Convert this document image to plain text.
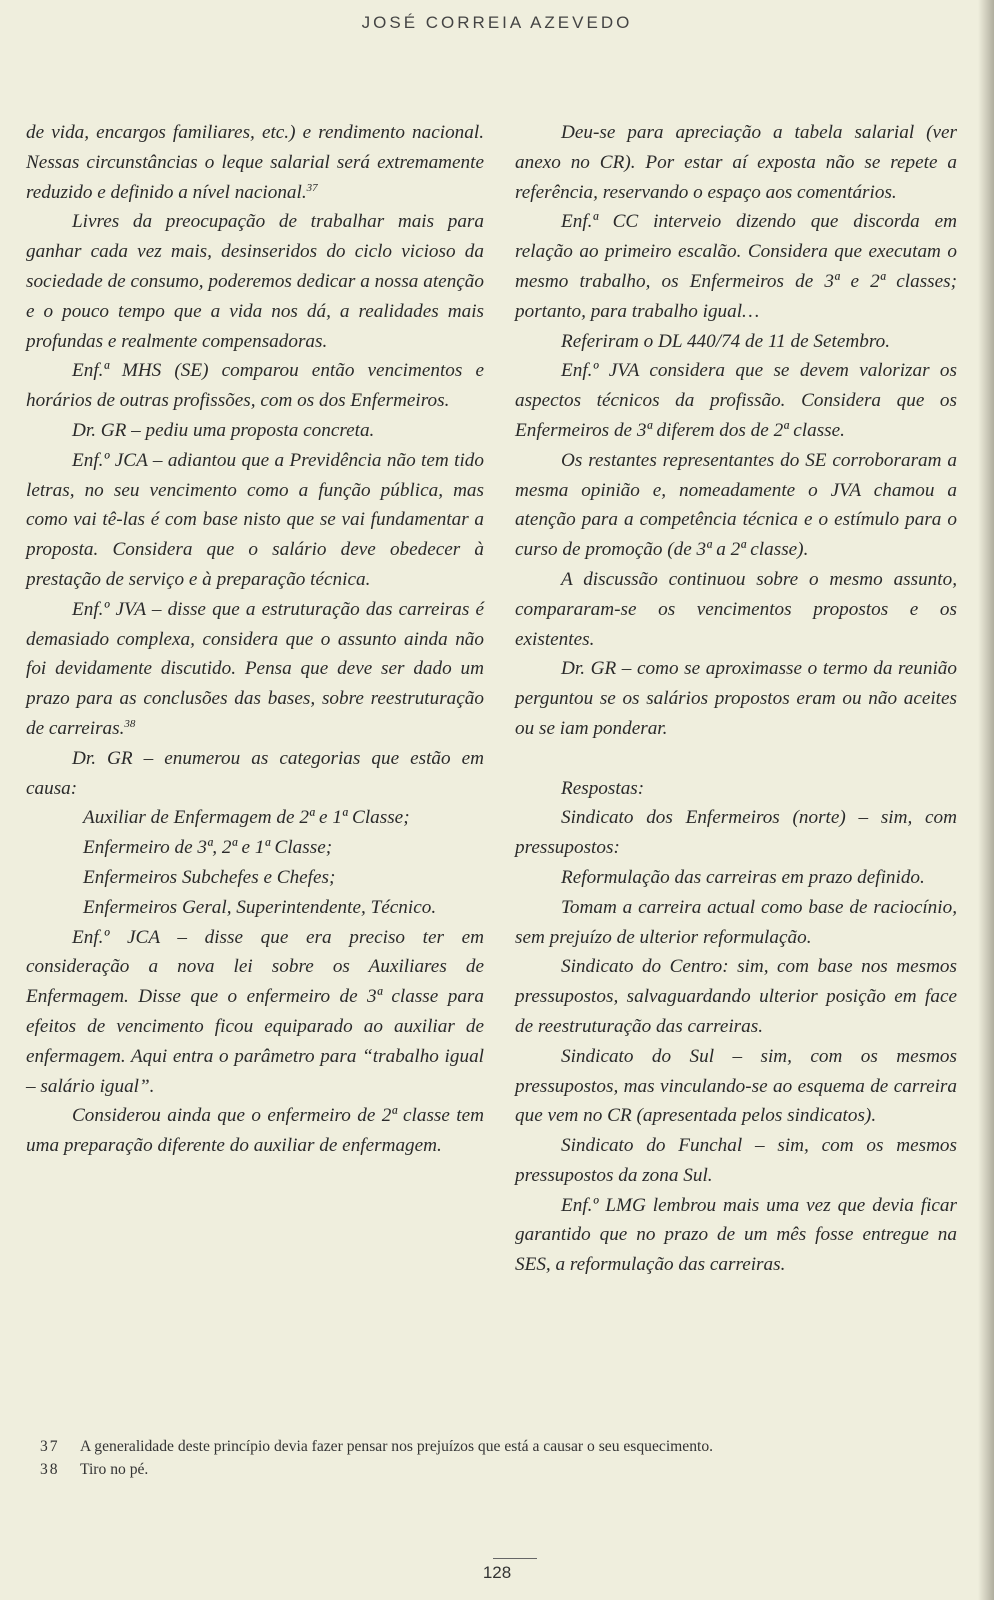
JOSÉ CORREIA AZEVEDO

de vida, encargos familiares, etc.) e rendimento nacional. Nessas circunstâncias o leque salarial será extremamente reduzido e definido a nível nacional.$^{37}$

Livres da preocupação de trabalhar mais para ganhar cada vez mais, desinseridos do ciclo vicioso da sociedade de consumo, poderemos dedicar a nossa atenção e o pouco tempo que a vida nos dá, a realidades mais profundas e realmente compensadoras.

Enf.ª MHS (SE) comparou então vencimentos e horários de outras profissões, com os dos Enfermeiros.

Dr. GR – pediu uma proposta concreta.

Enf.º JCA – adiantou que a Previdência não tem tido letras, no seu vencimento como a função pública, mas como vai tê-las é com base nisto que se vai fundamentar a proposta. Considera que o salário deve obedecer à prestação de serviço e à preparação técnica.

Enf.º JVA – disse que a estruturação das carreiras é demasiado complexa, considera que o assunto ainda não foi devidamente discutido. Pensa que deve ser dado um prazo para as conclusões das bases, sobre reestruturação de carreiras.$^{38}$

Dr. GR – enumerou as categorias que estão em causa:

Auxiliar de Enfermagem de 2ª e 1ª Classe;

Enfermeiro de 3ª, 2ª e 1ª Classe;

Enfermeiros Subchefes e Chefes;

Enfermeiros Geral, Superintendente, Técnico.

Enf.º JCA – disse que era preciso ter em consideração a nova lei sobre os Auxiliares de Enfermagem. Disse que o enfermeiro de 3ª classe para efeitos de vencimento ficou equiparado ao auxiliar de enfermagem. Aqui entra o parâmetro para “trabalho igual – salário igual”.

Considerou ainda que o enfermeiro de 2ª classe tem uma preparação diferente do auxiliar de enfermagem.

Deu-se para apreciação a tabela salarial (ver anexo no CR). Por estar aí exposta não se repete a referência, reservando o espaço aos comentários.

Enf.ª CC interveio dizendo que discorda em relação ao primeiro escalão. Considera que executam o mesmo trabalho, os Enfermeiros de 3ª e 2ª classes; portanto, para trabalho igual…

Referiram o DL 440/74 de 11 de Setembro.

Enf.º JVA considera que se devem valorizar os aspectos técnicos da profissão. Considera que os Enfermeiros de 3ª diferem dos de 2ª classe.

Os restantes representantes do SE corroboraram a mesma opinião e, nomeadamente o JVA chamou a atenção para a competência técnica e o estímulo para o curso de promoção (de 3ª a 2ª classe).

A discussão continuou sobre o mesmo assunto, compararam-se os vencimentos propostos e os existentes.

Dr. GR – como se aproximasse o termo da reunião perguntou se os salários propostos eram ou não aceites ou se iam ponderar.

Respostas:

Sindicato dos Enfermeiros (norte) – sim, com pressupostos:

Reformulação das carreiras em prazo definido.

Tomam a carreira actual como base de raciocínio, sem prejuízo de ulterior reformulação.

Sindicato do Centro: sim, com base nos mesmos pressupostos, salvaguardando ulterior posição em face de reestruturação das carreiras.

Sindicato do Sul – sim, com os mesmos pressupostos, mas vinculando-se ao esquema de carreira que vem no CR (apresentada pelos sindicatos).

Sindicato do Funchal – sim, com os mesmos pressupostos da zona Sul.

Enf.º LMG lembrou mais uma vez que devia ficar garantido que no prazo de um mês fosse entregue na SES, a reformulação das carreiras.

37	A generalidade deste princípio devia fazer pensar nos prejuízos que está a causar o seu esquecimento.
38	Tiro no pé.
128
